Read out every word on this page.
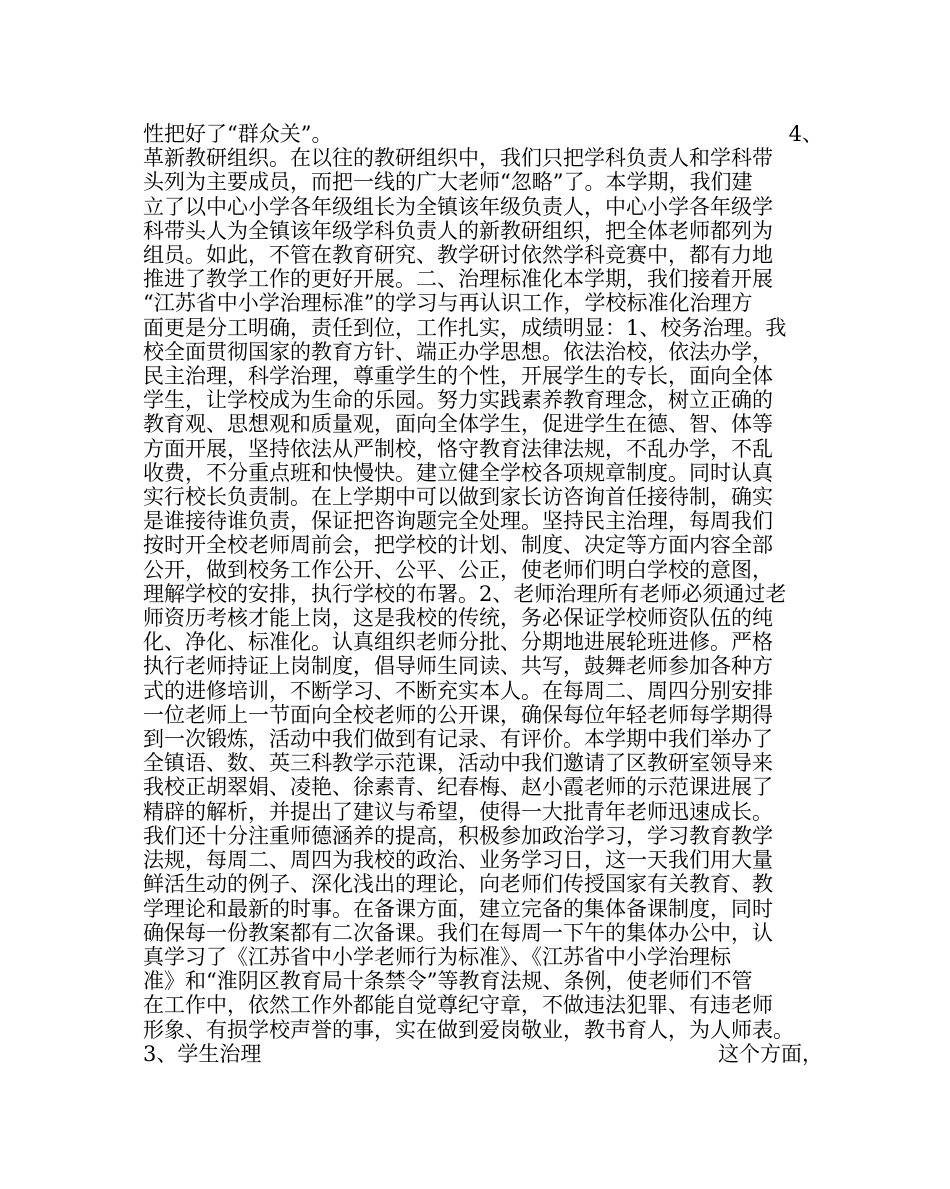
性把好了“群众关”。	4、
革新教研组织。在以往的教研组织中，我们只把学科负责人和学科带
头列为主要成员，而把一线的广大老师“忽略”了。本学期，我们建
立了以中心小学各年级组长为全镇该年级负责人，中心小学各年级学
科带头人为全镇该年级学科负责人的新教研组织，把全体老师都列为
组员。如此，不管在教育研究、教学研讨依然学科竞赛中，都有力地
推进了教学工作的更好开展。二、治理标准化本学期，我们接着开展
“江苏省中小学治理标准”的学习与再认识工作，学校标准化治理方
面更是分工明确，责任到位，工作扎实，成绩明显：1、校务治理。我
校全面贯彻国家的教育方针、端正办学思想。依法治校，依法办学，
民主治理，科学治理，尊重学生的个性，开展学生的专长，面向全体
学生，让学校成为生命的乐园。努力实践素养教育理念，树立正确的
教育观、思想观和质量观，面向全体学生，促进学生在德、智、体等
方面开展，坚持依法从严制校，恪守教育法律法规，不乱办学，不乱
收费，不分重点班和快慢快。建立健全学校各项规章制度。同时认真
实行校长负责制。在上学期中可以做到家长访咨询首任接待制，确实
是谁接待谁负责，保证把咨询题完全处理。坚持民主治理，每周我们
按时开全校老师周前会，把学校的计划、制度、决定等方面内容全部
公开，做到校务工作公开、公平、公正，使老师们明白学校的意图，
理解学校的安排，执行学校的布署。2、老师治理所有老师必须通过老
师资历考核才能上岗，这是我校的传统，务必保证学校师资队伍的纯
化、净化、标准化。认真组织老师分批、分期地进展轮班进修。严格
执行老师持证上岗制度，倡导师生同读、共写，鼓舞老师参加各种方
式的进修培训，不断学习、不断充实本人。在每周二、周四分别安排
一位老师上一节面向全校老师的公开课，确保每位年轻老师每学期得
到一次锻炼，活动中我们做到有记录、有评价。本学期中我们举办了
全镇语、数、英三科教学示范课，活动中我们邀请了区教研室领导来
我校正胡翠娟、凌艳、徐素青、纪春梅、赵小霞老师的示范课进展了
精辟的解析，并提出了建议与希望，使得一大批青年老师迅速成长。
我们还十分注重师德涵养的提高，积极参加政治学习，学习教育教学
法规，每周二、周四为我校的政治、业务学习日，这一天我们用大量
鲜活生动的例子、深化浅出的理论，向老师们传授国家有关教育、教
学理论和最新的时事。在备课方面，建立完备的集体备课制度，同时
确保每一份教案都有二次备课。我们在每周一下午的集体办公中，认
真学习了《江苏省中小学老师行为标准》、《江苏省中小学治理标
准》和“淮阴区教育局十条禁令”等教育法规、条例，使老师们不管
在工作中，依然工作外都能自觉尊纪守章，不做违法犯罪、有违老师
形象、有损学校声誉的事，实在做到爱岗敬业，教书育人，为人师表。
3、学生治理	这个方面，
